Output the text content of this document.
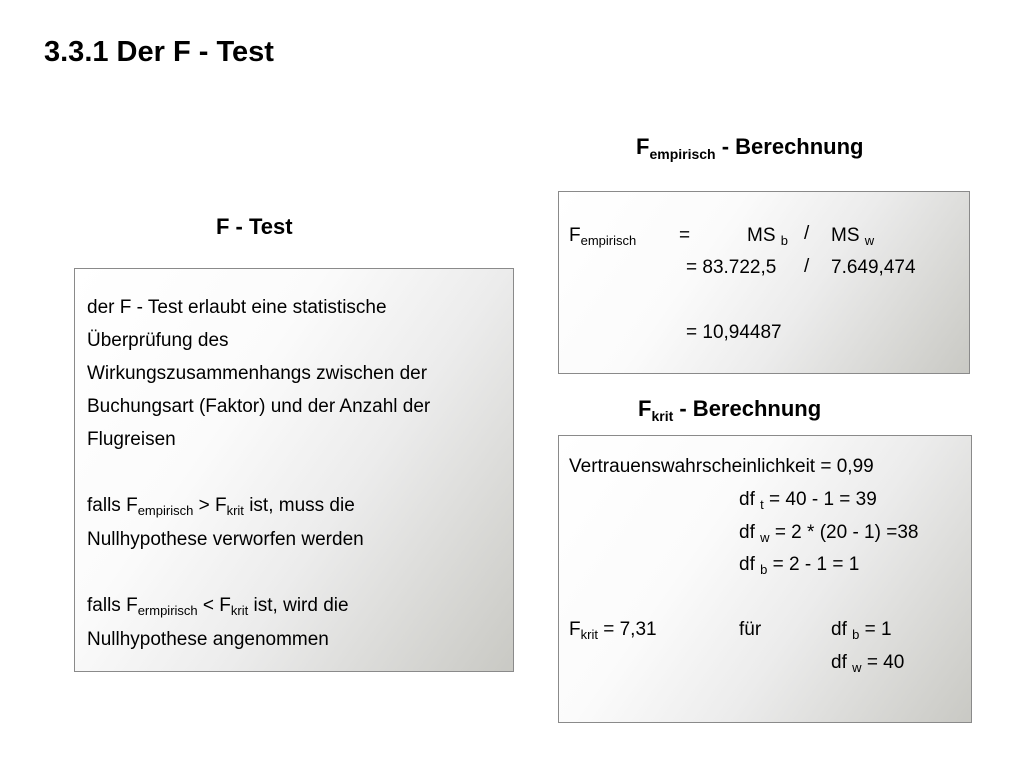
3.3.1 Der F - Test
F - Test

der F - Test erlaubt eine statistische

Überprüfung des

Wirkungszusammenhangs zwischen der

Buchungsart (Faktor) und der Anzahl der

Flugreisen

falls $F_{empirisch} > F_{krit}$ ist, muss die

Nullhypothese verworfen werden

falls $F_{ermpirisch} < F_{krit}$ ist, wird die

Nullhypothese angenommen

$F_{empirisch}$ - Berechnung
$F_{empirisch}$ =	MS $_b$ / MS $_w$
= 83.722,5 / 7.649,474
= 10,94487
$F_{krit}$ - Berechnung
Vertrauenswahrscheinlichkeit = 0,99
df $_t$ = 40 - 1 = 39
df $_w$ = 2 * (20 - 1) =38
df $_b$ = 2 - 1 = 1
$F_{krit} = 7,31$	für	df $_b$ = 1
df $_w$ = 40
